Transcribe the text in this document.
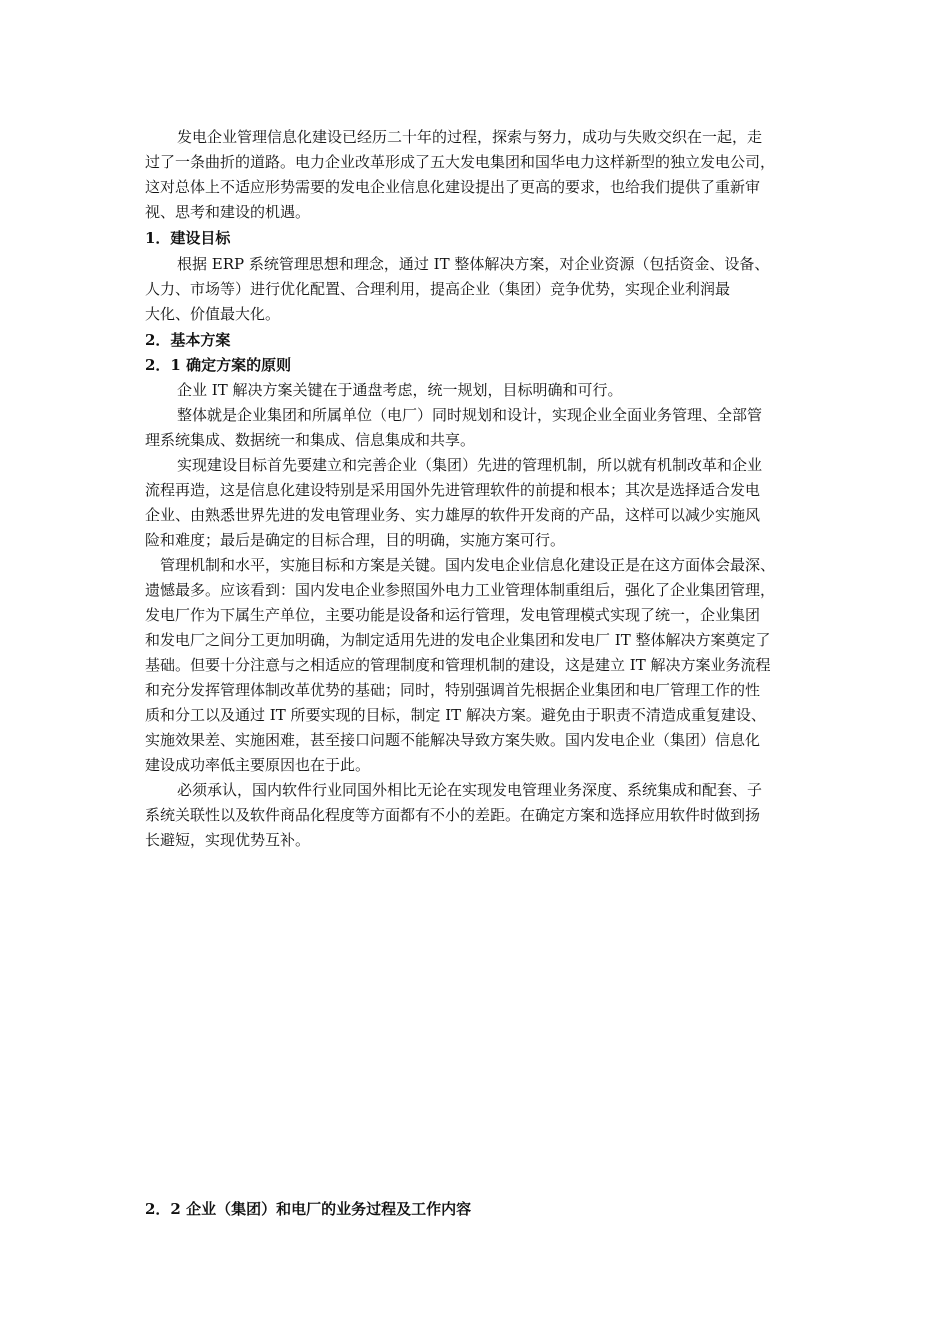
发电企业管理信息化建设已经历二十年的过程，探索与努力，成功与失败交织在一起，走
过了一条曲折的道路。电力企业改革形成了五大发电集团和国华电力这样新型的独立发电公司，
这对总体上不适应形势需要的发电企业信息化建设提出了更高的要求，也给我们提供了重新审
视、思考和建设的机遇。
1．建设目标
根据 ERP 系统管理思想和理念，通过 IT 整体解决方案，对企业资源（包括资金、设备、
人力、市场等）进行优化配置、合理利用，提高企业（集团）竞争优势，实现企业利润最
大化、价值最大化。
2．基本方案
2．1 确定方案的原则
企业 IT 解决方案关键在于通盘考虑，统一规划，目标明确和可行。
整体就是企业集团和所属单位（电厂）同时规划和设计，实现企业全面业务管理、全部管
理系统集成、数据统一和集成、信息集成和共享。
实现建设目标首先要建立和完善企业（集团）先进的管理机制，所以就有机制改革和企业
流程再造，这是信息化建设特别是采用国外先进管理软件的前提和根本；其次是选择适合发电
企业、由熟悉世界先进的发电管理业务、实力雄厚的软件开发商的产品，这样可以减少实施风
险和难度；最后是确定的目标合理，目的明确，实施方案可行。
管理机制和水平，实施目标和方案是关键。国内发电企业信息化建设正是在这方面体会最深、
遗憾最多。应该看到：国内发电企业参照国外电力工业管理体制重组后，强化了企业集团管理，
发电厂作为下属生产单位，主要功能是设备和运行管理，发电管理模式实现了统一，企业集团
和发电厂之间分工更加明确，为制定适用先进的发电企业集团和发电厂 IT 整体解决方案奠定了
基础。但要十分注意与之相适应的管理制度和管理机制的建设，这是建立 IT 解决方案业务流程
和充分发挥管理体制改革优势的基础；同时，特别强调首先根据企业集团和电厂管理工作的性
质和分工以及通过 IT 所要实现的目标，制定 IT 解决方案。避免由于职责不清造成重复建设、
实施效果差、实施困难，甚至接口问题不能解决导致方案失败。国内发电企业（集团）信息化
建设成功率低主要原因也在于此。
必须承认，国内软件行业同国外相比无论在实现发电管理业务深度、系统集成和配套、子
系统关联性以及软件商品化程度等方面都有不小的差距。在确定方案和选择应用软件时做到扬
长避短，实现优势互补。
2．2 企业（集团）和电厂的业务过程及工作内容
